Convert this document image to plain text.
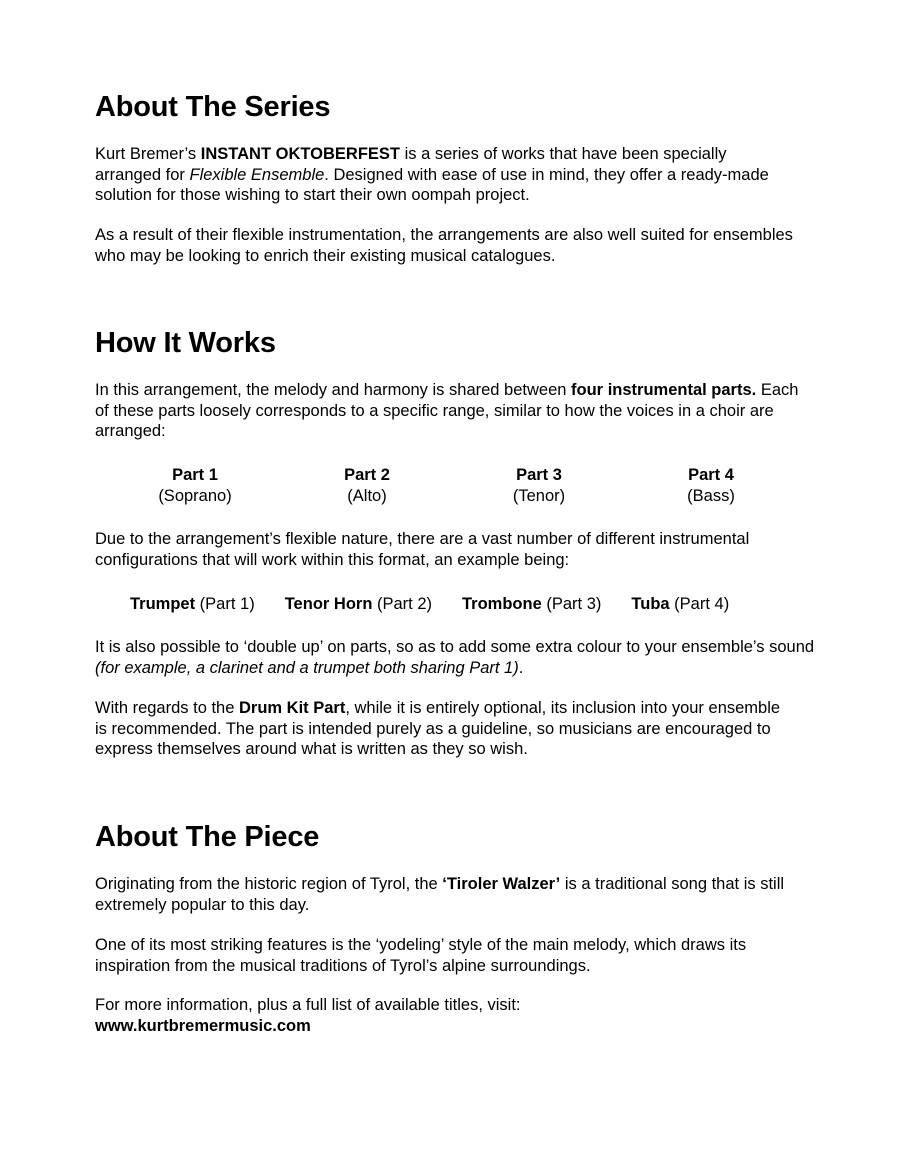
About The Series

Kurt Bremer’s INSTANT OKTOBERFEST is a series of works that have been specially arranged for Flexible Ensemble. Designed with ease of use in mind, they offer a ready-made solution for those wishing to start their own oompah project.

As a result of their flexible instrumentation, the arrangements are also well suited for ensembles who may be looking to enrich their existing musical catalogues.

How It Works

In this arrangement, the melody and harmony is shared between four instrumental parts. Each of these parts loosely corresponds to a specific range, similar to how the voices in a choir are arranged:

Part 1
(Soprano)
Part 2
(Alto)
Part 3
(Tenor)
Part 4
(Bass)

Due to the arrangement’s flexible nature, there are a vast number of different instrumental configurations that will work within this format, an example being:

Trumpet (Part 1) Tenor Horn (Part 2) Trombone (Part 3) Tuba (Part 4)

It is also possible to ‘double up’ on parts, so as to add some extra colour to your ensemble’s sound (for example, a clarinet and a trumpet both sharing Part 1).

With regards to the Drum Kit Part, while it is entirely optional, its inclusion into your ensemble is recommended. The part is intended purely as a guideline, so musicians are encouraged to express themselves around what is written as they so wish.

About The Piece

Originating from the historic region of Tyrol, the ‘Tiroler Walzer’ is a traditional song that is still extremely popular to this day.

One of its most striking features is the ‘yodeling’ style of the main melody, which draws its inspiration from the musical traditions of Tyrol’s alpine surroundings.

For more information, plus a full list of available titles, visit:

www.kurtbremermusic.com
